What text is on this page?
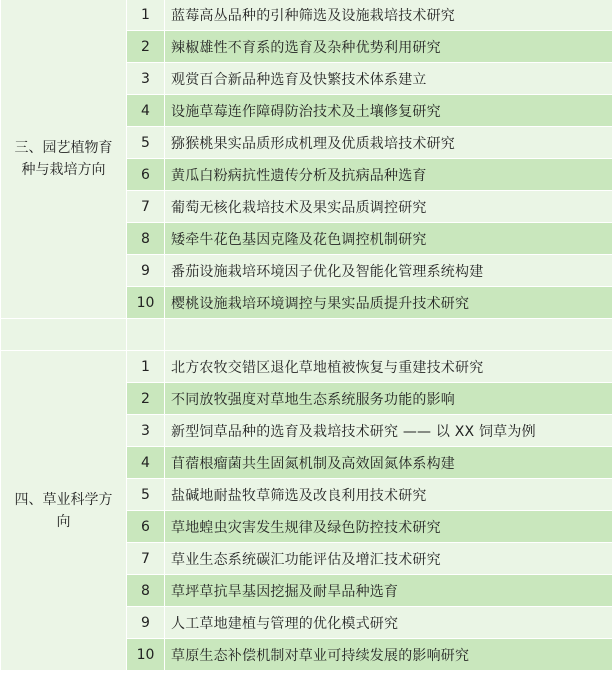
三、园艺植物育种与栽培方向	1	蓝莓高丛品种的引种筛选及设施栽培技术研究
	2	辣椒雄性不育系的选育及杂种优势利用研究
	3	观赏百合新品种选育及快繁技术体系建立
	4	设施草莓连作障碍防治技术及土壤修复研究
	5	猕猴桃果实品质形成机理及优质栽培技术研究
	6	黄瓜白粉病抗性遗传分析及抗病品种选育
	7	葡萄无核化栽培技术及果实品质调控研究
	8	矮牵牛花色基因克隆及花色调控机制研究
	9	番茄设施栽培环境因子优化及智能化管理系统构建
	10	樱桃设施栽培环境调控与果实品质提升技术研究

四、草业科学方向	1	北方农牧交错区退化草地植被恢复与重建技术研究
	2	不同放牧强度对草地生态系统服务功能的影响
	3	新型饲草品种的选育及栽培技术研究 —— 以 XX 饲草为例
	4	苜蓿根瘤菌共生固氮机制及高效固氮体系构建
	5	盐碱地耐盐牧草筛选及改良利用技术研究
	6	草地蝗虫灾害发生规律及绿色防控技术研究
	7	草业生态系统碳汇功能评估及增汇技术研究
	8	草坪草抗旱基因挖掘及耐旱品种选育
	9	人工草地建植与管理的优化模式研究
	10	草原生态补偿机制对草业可持续发展的影响研究
